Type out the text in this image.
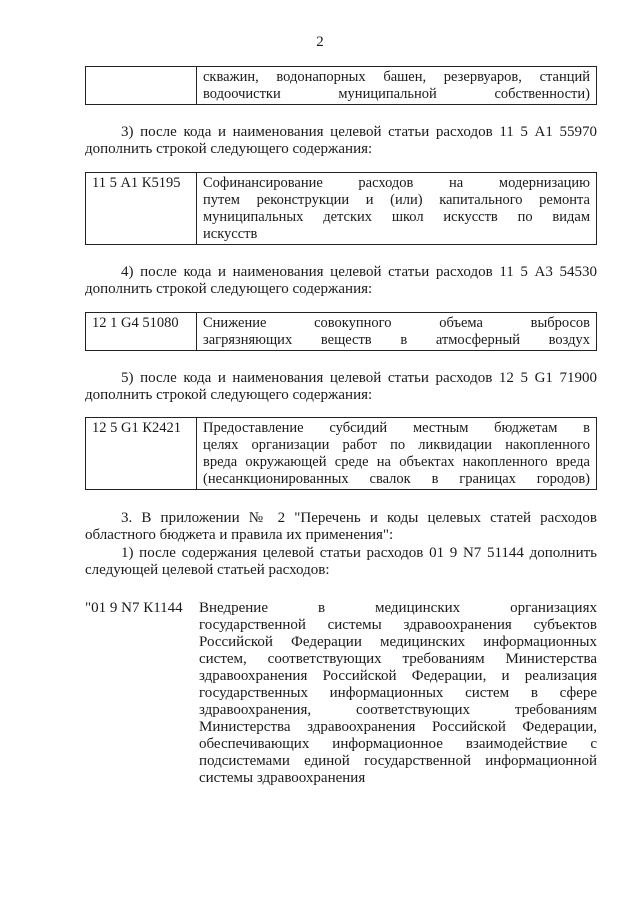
2

скважин, водонапорных башен, резервуаров, станций
водоочистки муниципальной собственности)
3) после кода и наименования целевой статьи расходов 11 5 А1 55970
дополнить строкой следующего содержания:
11 5 А1 К5195	Софинансирование расходов на модернизацию
путем реконструкции и (или) капитального ремонта
муниципальных детских школ искусств по видам
искусств
4) после кода и наименования целевой статьи расходов 11 5 А3 54530
дополнить строкой следующего содержания:
12 1 G4 51080	Снижение совокупного объема выбросов
загрязняющих веществ в атмосферный воздух
5) после кода и наименования целевой статьи расходов 12 5 G1 71900
дополнить строкой следующего содержания:
12 5 G1 К2421	Предоставление субсидий местным бюджетам в
целях организации работ по ликвидации накопленного
вреда окружающей среде на объектах накопленного вреда
(несанкционированных свалок в границах городов)
3. В приложении № 2 "Перечень и коды целевых статей расходов
областного бюджета и правила их применения":
1) после содержания целевой статьи расходов 01 9 N7 51144 дополнить
следующей целевой статьей расходов:
"01 9 N7 К1144 Внедрение в медицинских организациях
государственной системы здравоохранения субъектов
Российской Федерации медицинских информационных
систем, соответствующих требованиям Министерства
здравоохранения Российской Федерации, и реализация
государственных информационных систем в сфере
здравоохранения, соответствующих требованиям
Министерства здравоохранения Российской Федерации,
обеспечивающих информационное взаимодействие с
подсистемами единой государственной информационной
системы здравоохранения
